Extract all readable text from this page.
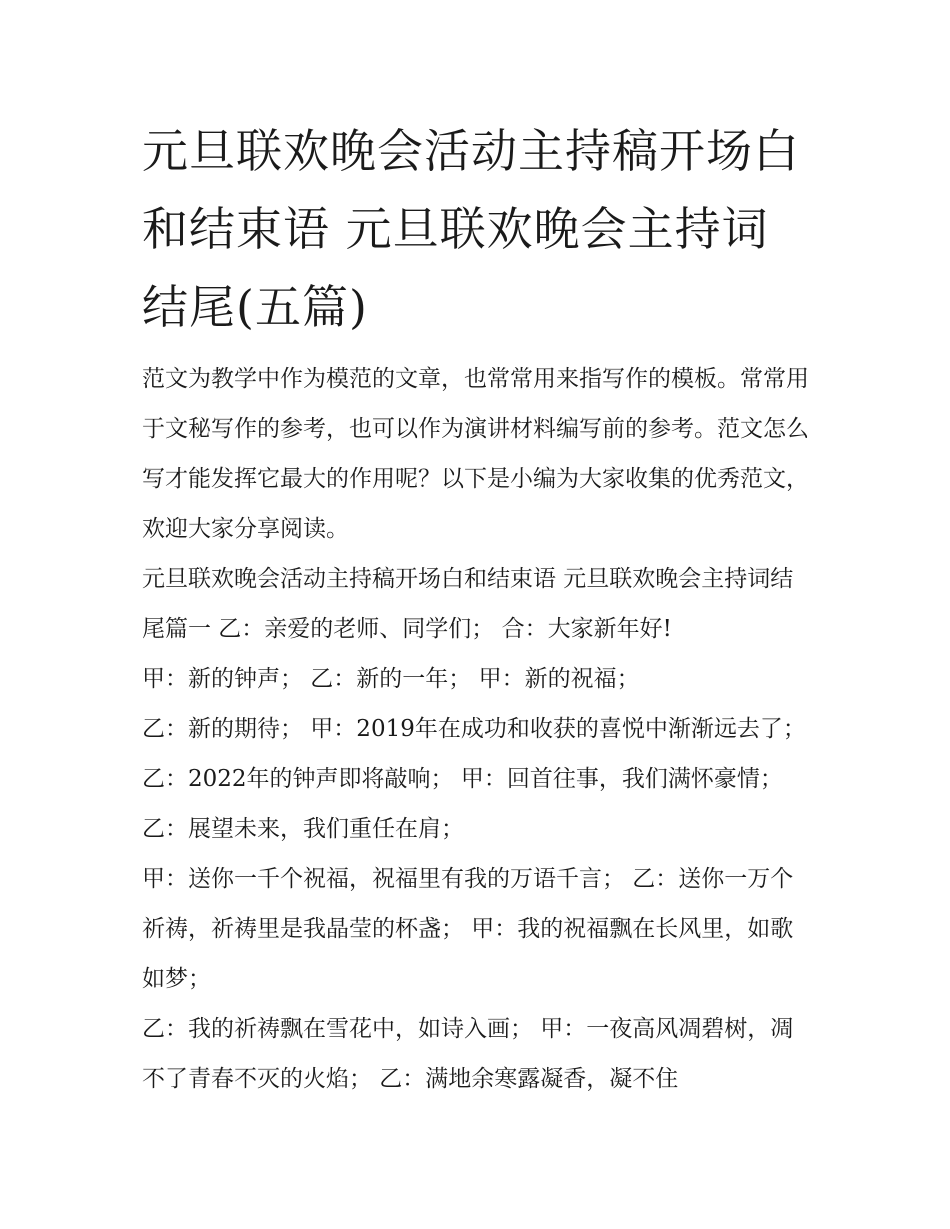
元旦联欢晚会活动主持稿开场白和结束语 元旦联欢晚会主持词结尾(五篇)

范文为教学中作为模范的文章，也常常用来指写作的模板。常常用于文秘写作的参考，也可以作为演讲材料编写前的参考。范文怎么写才能发挥它最大的作用呢？以下是小编为大家收集的优秀范文，欢迎大家分享阅读。

元旦联欢晚会活动主持稿开场白和结束语 元旦联欢晚会主持词结尾篇一 乙：亲爱的老师、同学们； 合：大家新年好!

甲：新的钟声； 乙：新的一年； 甲：新的祝福；

乙：新的期待； 甲：2019年在成功和收获的喜悦中渐渐远去了； 乙：2022年的钟声即将敲响； 甲：回首往事，我们满怀豪情； 乙：展望未来，我们重任在肩；

甲：送你一千个祝福，祝福里有我的万语千言； 乙：送你一万个祈祷，祈祷里是我晶莹的杯盏； 甲：我的祝福飘在长风里，如歌如梦；

乙：我的祈祷飘在雪花中，如诗入画； 甲：一夜高风凋碧树，凋不了青春不灭的火焰； 乙：满地余寒露凝香，凝不住
